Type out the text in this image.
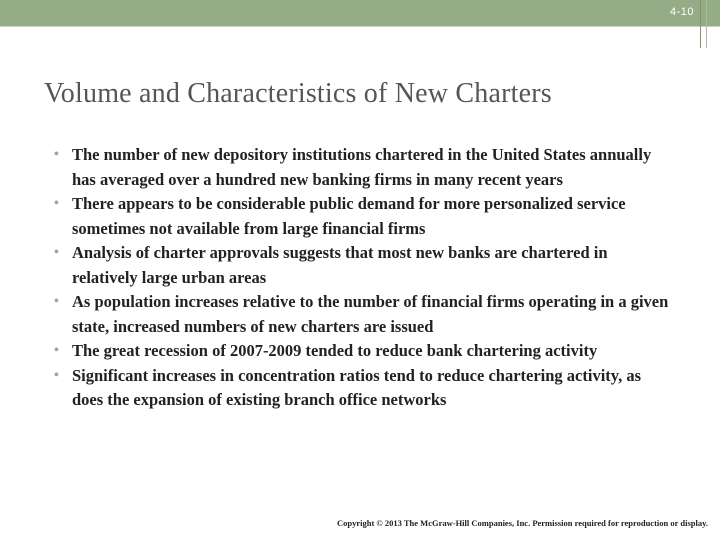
4-10
Volume and Characteristics of New Charters
• The number of new depository institutions chartered in the United States annually has averaged over a hundred new banking firms in many recent years
• There appears to be considerable public demand for more personalized service sometimes not available from large financial firms
• Analysis of charter approvals suggests that most new banks are chartered in relatively large urban areas
• As population increases relative to the number of financial firms operating in a given state, increased numbers of new charters are issued
• The great recession of 2007-2009 tended to reduce bank chartering activity
• Significant increases in concentration ratios tend to reduce chartering activity, as does the expansion of existing branch office networks
Copyright © 2013 The McGraw-Hill Companies, Inc. Permission required for reproduction or display.
